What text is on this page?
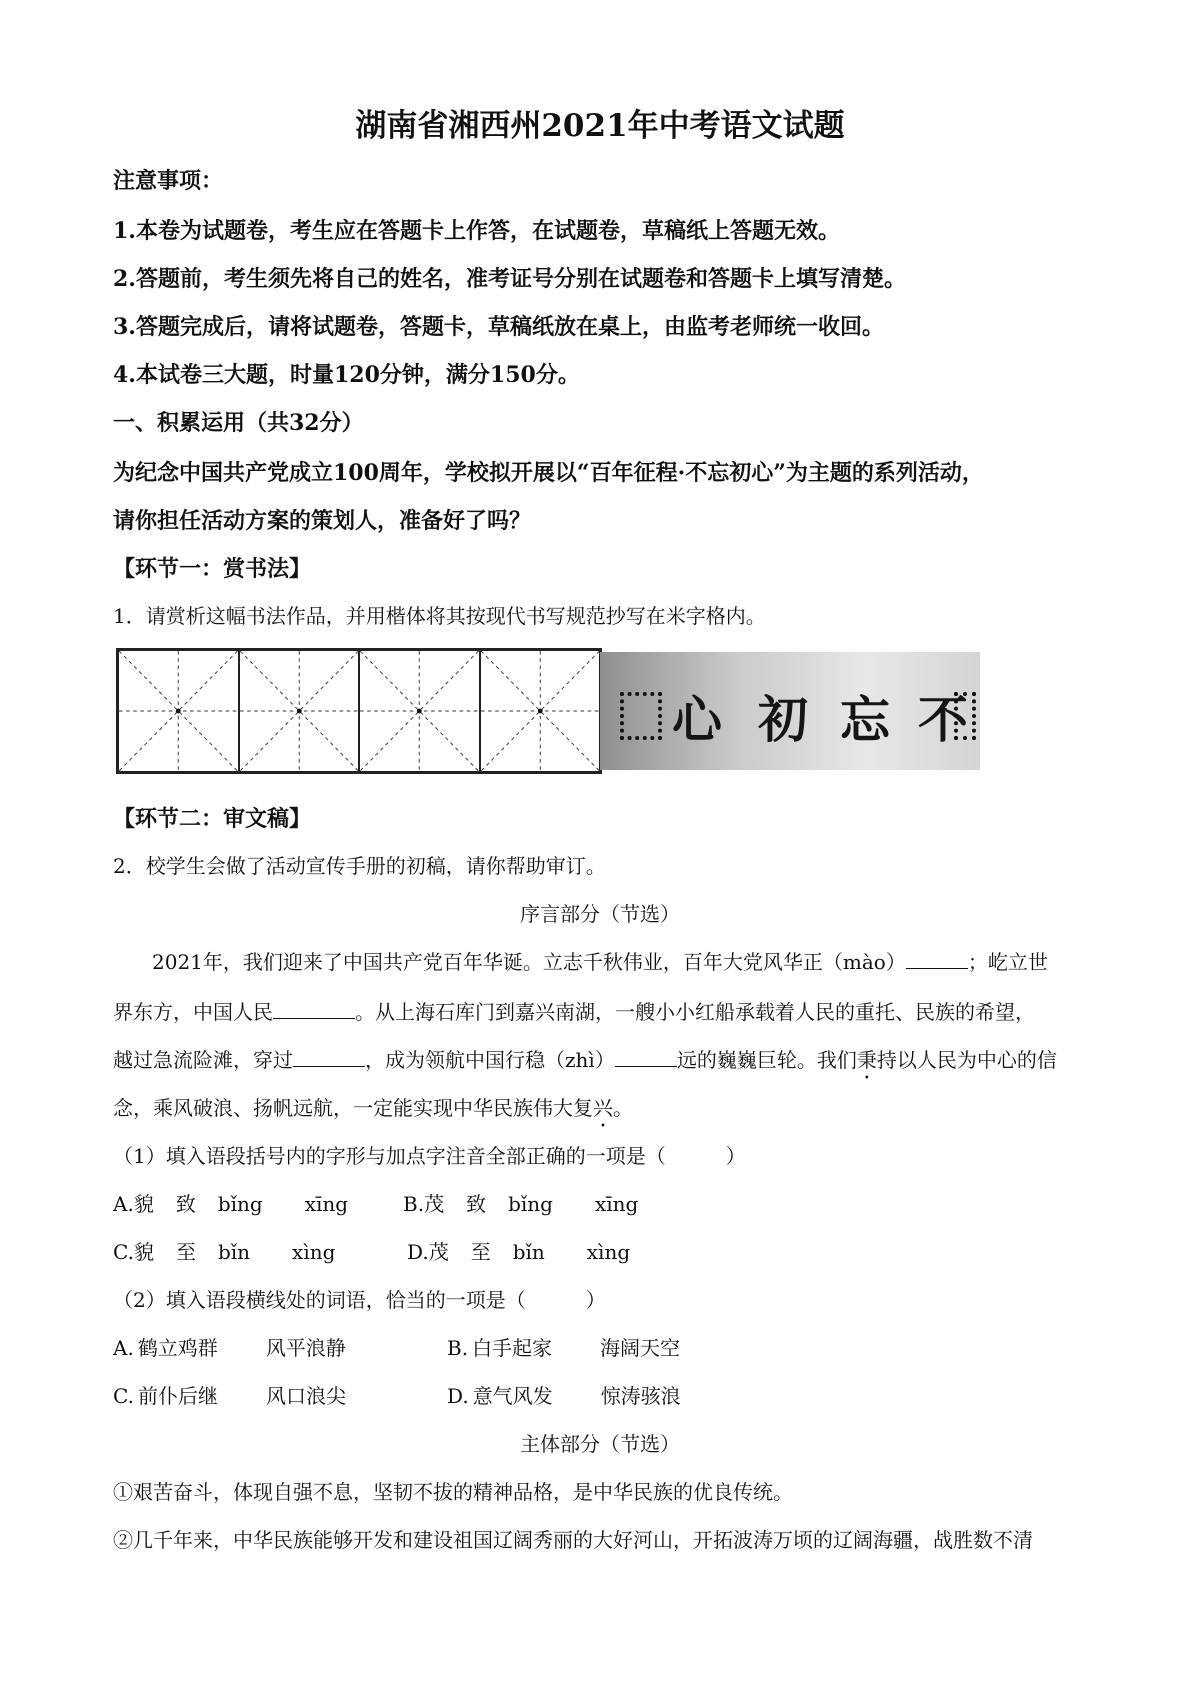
湖南省湘西州2021年中考语文试题
注意事项：
1.本卷为试题卷，考生应在答题卡上作答，在试题卷，草稿纸上答题无效。
2.答题前，考生须先将自己的姓名，准考证号分别在试题卷和答题卡上填写清楚。
3.答题完成后，请将试题卷，答题卡，草稿纸放在桌上，由监考老师统一收回。
4.本试卷三大题，时量120分钟，满分150分。
一、积累运用（共32分）
为纪念中国共产党成立100周年，学校拟开展以“百年征程·不忘初心”为主题的系列活动，
请你担任活动方案的策划人，准备好了吗？
【环节一：赏书法】
1．请赏析这幅书法作品，并用楷体将其按现代书写规范抄写在米字格内。
心 初 忘 不
【环节二：审文稿】
2．校学生会做了活动宣传手册的初稿，请你帮助审订。
序言部分（节选）
2021年，我们迎来了中国共产党百年华诞。立志千秋伟业，百年大党风华正（mào）	；屹立世
界东方，中国人民	。从上海石库门到嘉兴南湖，一艘小小红船承载着人民的重托、民族的希望，
越过急流险滩，穿过	，成为领航中国行稳（zhì）	远的巍巍巨轮。我们秉持以人民为中心的信
念，乘风破浪、扬帆远航，一定能实现中华民族伟大复兴。
（1）填入语段括号内的字形与加点字注音全部正确的一项是（　　　）
A.貌 致 bǐng xīng	B.茂 致 bǐng xīng
C.貌 至 bǐn xìng	D.茂 至 bǐn xìng
（2）填入语段横线处的词语，恰当的一项是（　　　）
A. 鹤立鸡群 风平浪静	B. 白手起家 海阔天空
C. 前仆后继 风口浪尖	D. 意气风发 惊涛骇浪
主体部分（节选）
①艰苦奋斗，体现自强不息，坚韧不拔的精神品格，是中华民族的优良传统。
②几千年来，中华民族能够开发和建设祖国辽阔秀丽的大好河山，开拓波涛万顷的辽阔海疆，战胜数不清
